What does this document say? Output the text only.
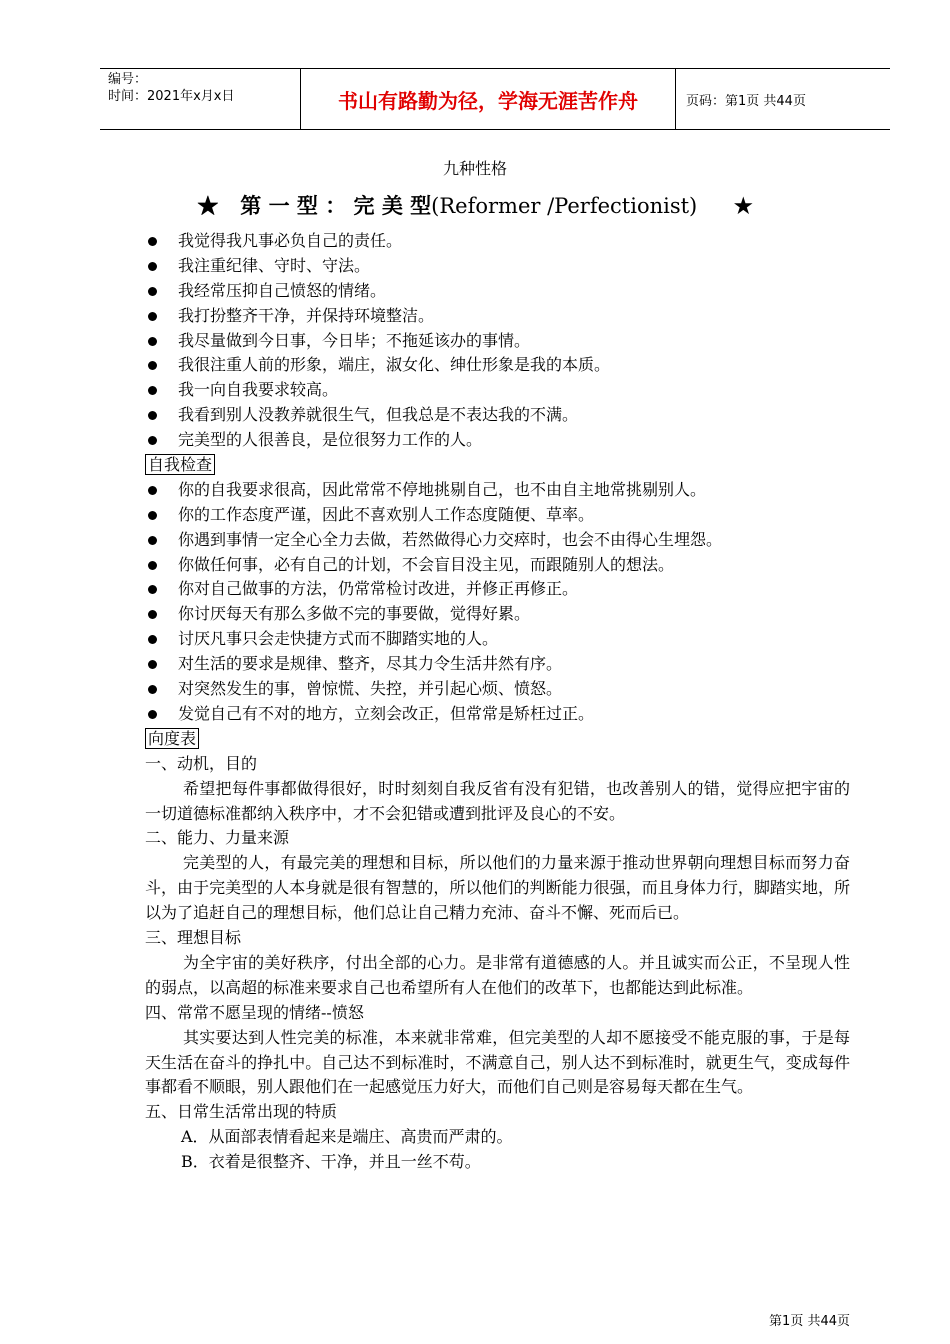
编号：
时间：2021年x月x日	书山有路勤为径，学海无涯苦作舟	页码：第1页 共44页
九种性格
★ 第 一 型 ： 完 美 型(Reformer /Perfectionist) ★
我觉得我凡事必负自己的责任。
我注重纪律、守时、守法。
我经常压抑自己愤怒的情绪。
我打扮整齐干净，并保持环境整洁。
我尽量做到今日事，今日毕；不拖延该办的事情。
我很注重人前的形象，端庄，淑女化、绅仕形象是我的本质。
我一向自我要求较高。
我看到别人没教养就很生气，但我总是不表达我的不满。
完美型的人很善良，是位很努力工作的人。
自我检查
你的自我要求很高，因此常常不停地挑剔自己，也不由自主地常挑剔别人。
你的工作态度严谨，因此不喜欢别人工作态度随便、草率。
你遇到事情一定全心全力去做，若然做得心力交瘁时，也会不由得心生埋怨。
你做任何事，必有自己的计划，不会盲目没主见，而跟随别人的想法。
你对自己做事的方法，仍常常检讨改进，并修正再修正。
你讨厌每天有那么多做不完的事要做，觉得好累。
讨厌凡事只会走快捷方式而不脚踏实地的人。
对生活的要求是规律、整齐，尽其力令生活井然有序。
对突然发生的事，曾惊慌、失控，并引起心烦、愤怒。
发觉自己有不对的地方，立刻会改正，但常常是矫枉过正。
向度表
一、动机，目的
希望把每件事都做得很好，时时刻刻自我反省有没有犯错，也改善别人的错，觉得应把宇宙的一切道德标准都纳入秩序中，才不会犯错或遭到批评及良心的不安。
二、能力、力量来源
完美型的人，有最完美的理想和目标，所以他们的力量来源于推动世界朝向理想目标而努力奋斗，由于完美型的人本身就是很有智慧的，所以他们的判断能力很强，而且身体力行，脚踏实地，所以为了追赶自己的理想目标，他们总让自己精力充沛、奋斗不懈、死而后已。
三、理想目标
为全宇宙的美好秩序，付出全部的心力。是非常有道德感的人。并且诚实而公正，不呈现人性的弱点，以高超的标准来要求自己也希望所有人在他们的改革下，也都能达到此标准。
四、常常不愿呈现的情绪--愤怒
其实要达到人性完美的标准，本来就非常难，但完美型的人却不愿接受不能克服的事，于是每天生活在奋斗的挣扎中。自己达不到标准时，不满意自己，别人达不到标准时，就更生气，变成每件事都看不顺眼，别人跟他们在一起感觉压力好大，而他们自己则是容易每天都在生气。
五、日常生活常出现的特质
A．从面部表情看起来是端庄、高贵而严肃的。
B．衣着是很整齐、干净，并且一丝不苟。
第1页 共44页
